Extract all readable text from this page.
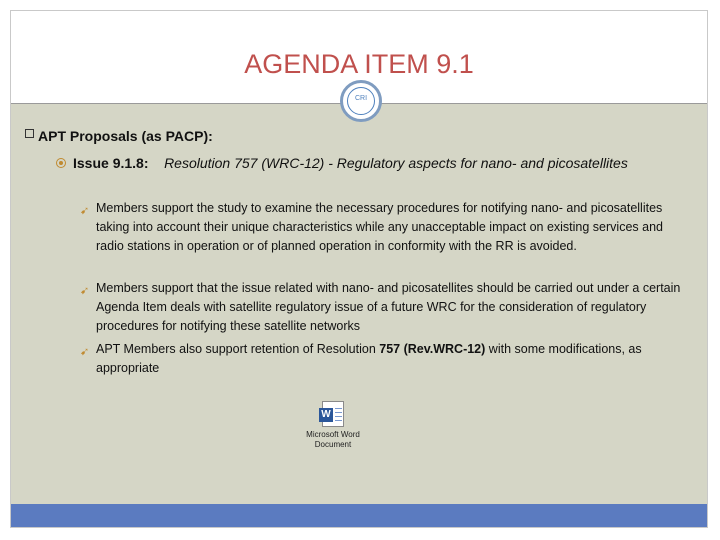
AGENDA ITEM 9.1
CRI
APT Proposals (as PACP):
Issue 9.1.8: Resolution 757 (WRC‑12) - Regulatory aspects for nano- and picosatellites
➹ Members support the study to examine the necessary procedures for notifying nano- and picosatellites taking into account their unique characteristics while any unacceptable impact on existing services and radio stations in operation or of planned operation in conformity with the RR is avoided.
➹ Members support that the issue related with nano- and picosatellites should be carried out under a certain Agenda Item deals with satellite regulatory issue of a future WRC for the consideration of regulatory procedures for notifying these satellite networks
➹ APT Members also support retention of Resolution 757 (Rev.WRC-12) with some modifications, as appropriate
W
Microsoft Word
Document
